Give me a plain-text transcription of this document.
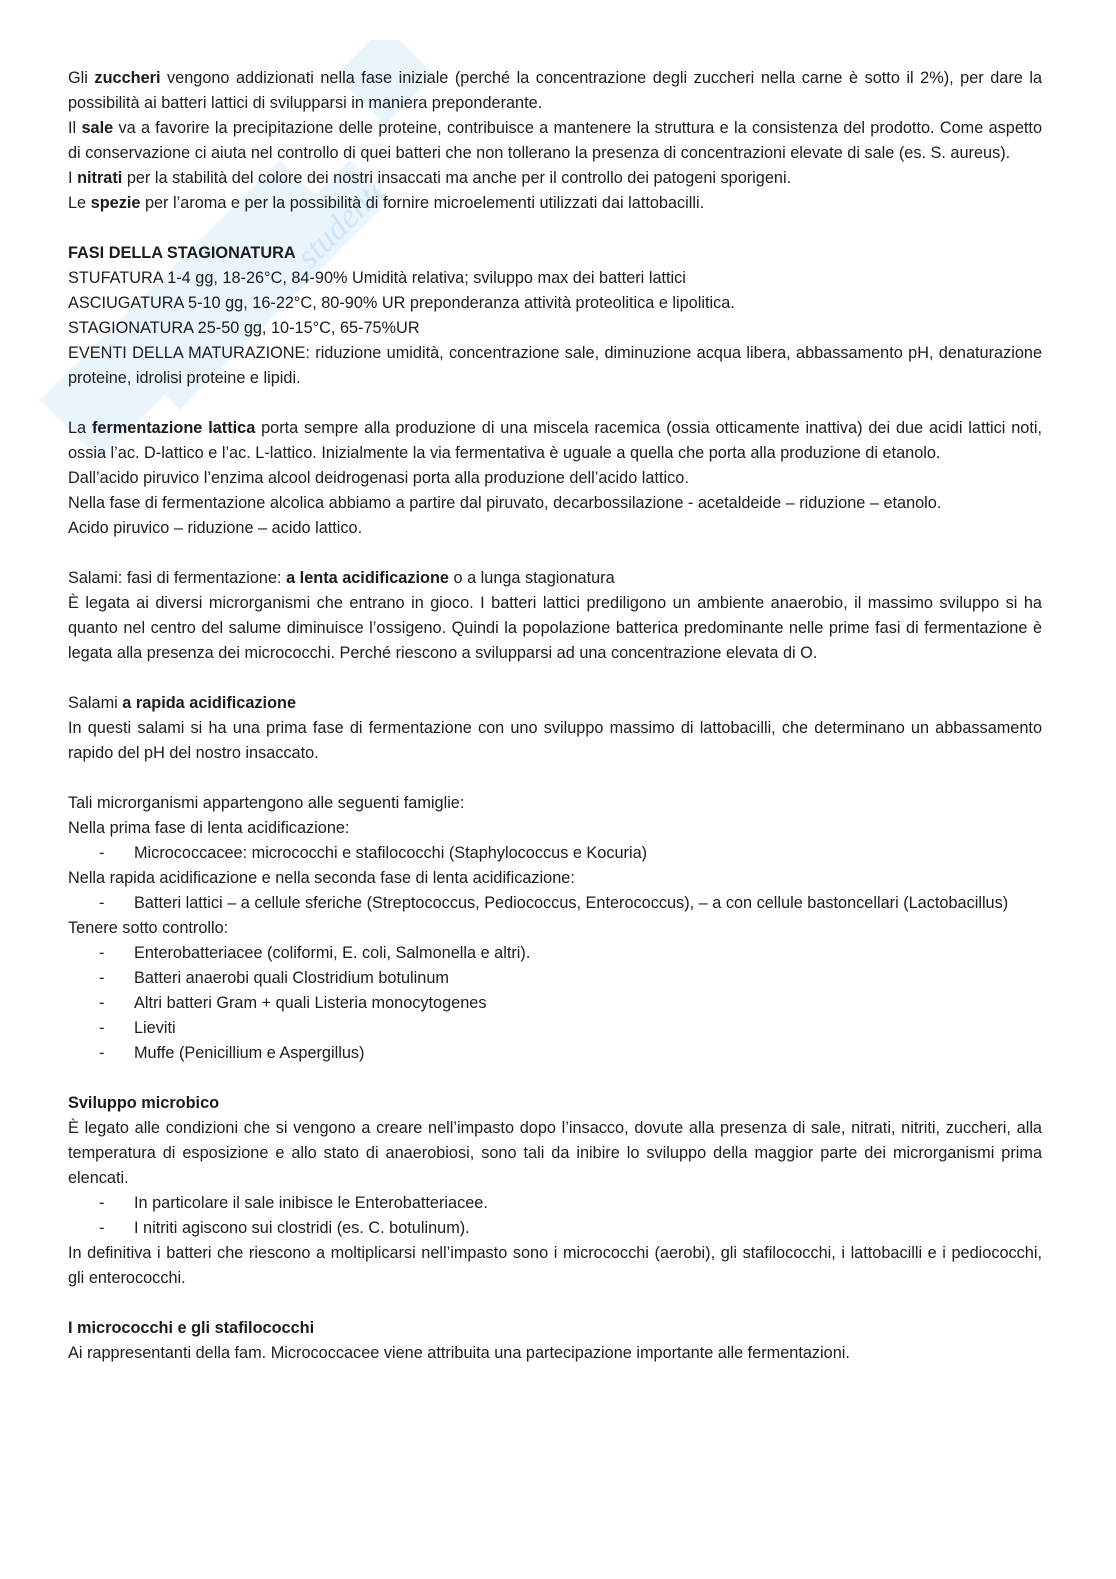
studente

Gli zuccheri vengono addizionati nella fase iniziale (perché la concentrazione degli zuccheri nella carne è sotto il 2%), per dare la possibilità ai batteri lattici di svilupparsi in maniera preponderante.

Il sale va a favorire la precipitazione delle proteine, contribuisce a mantenere la struttura e la consistenza del prodotto. Come aspetto di conservazione ci aiuta nel controllo di quei batteri che non tollerano la presenza di concentrazioni elevate di sale (es. S. aureus).

I nitrati per la stabilità del colore dei nostri insaccati ma anche per il controllo dei patogeni sporigeni.

Le spezie per l’aroma e per la possibilità di fornire microelementi utilizzati dai lattobacilli.

FASI DELLA STAGIONATURA

STUFATURA 1-4 gg, 18-26°C, 84-90% Umidità relativa; sviluppo max dei batteri lattici

ASCIUGATURA 5-10 gg, 16-22°C, 80-90% UR preponderanza attività proteolitica e lipolitica.

STAGIONATURA 25-50 gg, 10-15°C, 65-75%UR

EVENTI DELLA MATURAZIONE: riduzione umidità, concentrazione sale, diminuzione acqua libera, abbassamento pH, denaturazione proteine, idrolisi proteine e lipidi.

La fermentazione lattica porta sempre alla produzione di una miscela racemica (ossia otticamente inattiva) dei due acidi lattici noti, ossia l’ac. D-lattico e l’ac. L-lattico. Inizialmente la via fermentativa è uguale a quella che porta alla produzione di etanolo.

Dall’acido piruvico l’enzima alcool deidrogenasi porta alla produzione dell’acido lattico.

Nella fase di fermentazione alcolica abbiamo a partire dal piruvato, decarbossilazione - acetaldeide – riduzione – etanolo.

Acido piruvico – riduzione – acido lattico.

Salami: fasi di fermentazione: a lenta acidificazione o a lunga stagionatura

È legata ai diversi microrganismi che entrano in gioco. I batteri lattici prediligono un ambiente anaerobio, il massimo sviluppo si ha quanto nel centro del salume diminuisce l’ossigeno. Quindi la popolazione batterica predominante nelle prime fasi di fermentazione è legata alla presenza dei micrococchi. Perché riescono a svilupparsi ad una concentrazione elevata di O.

Salami a rapida acidificazione

In questi salami si ha una prima fase di fermentazione con uno sviluppo massimo di lattobacilli, che determinano un abbassamento rapido del pH del nostro insaccato.

Tali microrganismi appartengono alle seguenti famiglie:

Nella prima fase di lenta acidificazione:

- Micrococcacee: micrococchi e stafilococchi (Staphylococcus e Kocuria)

Nella rapida acidificazione e nella seconda fase di lenta acidificazione:

- Batteri lattici – a cellule sferiche (Streptococcus, Pediococcus, Enterococcus), – a con cellule bastoncellari (Lactobacillus)

Tenere sotto controllo:

- Enterobatteriacee (coliformi, E. coli, Salmonella e altri).
- Batteri anaerobi quali Clostridium botulinum
- Altri batteri Gram + quali Listeria monocytogenes
- Lieviti
- Muffe (Penicillium e Aspergillus)

Sviluppo microbico

È legato alle condizioni che si vengono a creare nell’impasto dopo l’insacco, dovute alla presenza di sale, nitrati, nitriti, zuccheri, alla temperatura di esposizione e allo stato di anaerobiosi, sono tali da inibire lo sviluppo della maggior parte dei microrganismi prima elencati.

- In particolare il sale inibisce le Enterobatteriacee.
- I nitriti agiscono sui clostridi (es. C. botulinum).

In definitiva i batteri che riescono a moltiplicarsi nell’impasto sono i micrococchi (aerobi), gli stafilococchi, i lattobacilli e i pediococchi, gli enterococchi.

I micrococchi e gli stafilococchi

Ai rappresentanti della fam. Micrococcacee viene attribuita una partecipazione importante alle fermentazioni.
